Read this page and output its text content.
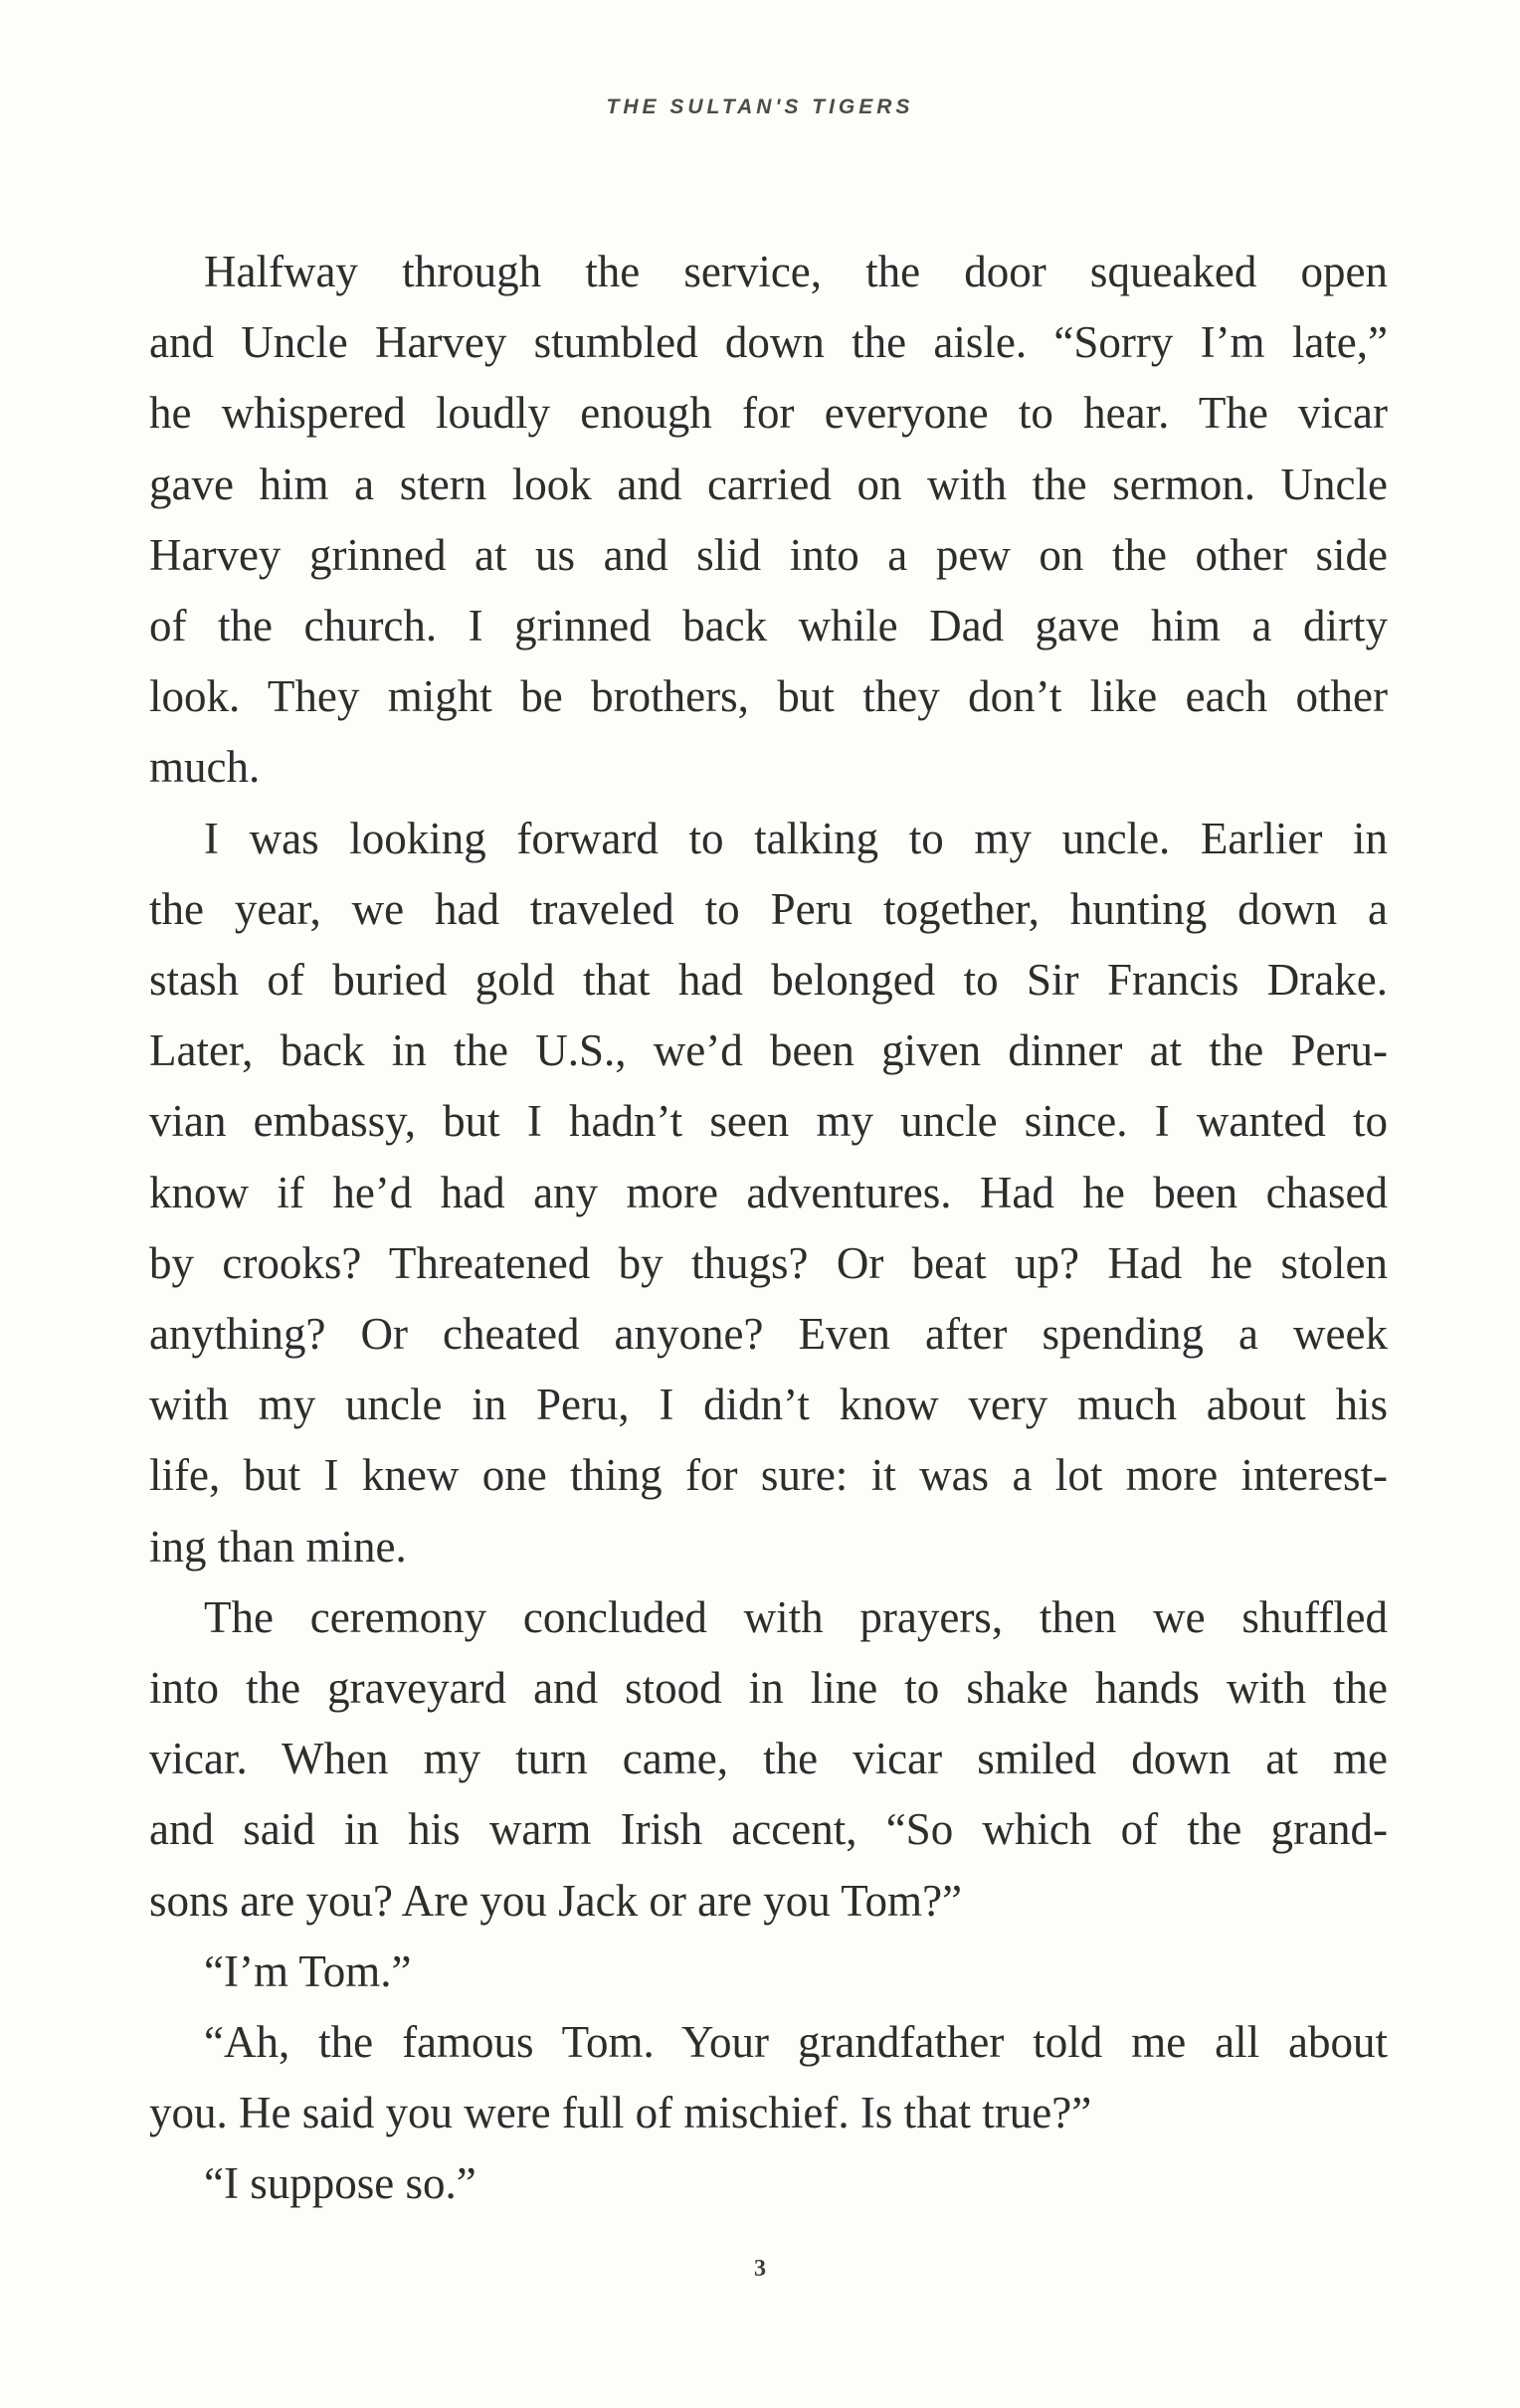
THE SULTAN'S TIGERS
Halfway through the service, the door squeaked open
and Uncle Harvey stumbled down the aisle. “Sorry I’m late,”
he whispered loudly enough for everyone to hear. The vicar
gave him a stern look and carried on with the sermon. Uncle
Harvey grinned at us and slid into a pew on the other side
of the church. I grinned back while Dad gave him a dirty
look. They might be brothers, but they don’t like each other
much.
I was looking forward to talking to my uncle. Earlier in
the year, we had traveled to Peru together, hunting down a
stash of buried gold that had belonged to Sir Francis Drake.
Later, back in the U.S., we’d been given dinner at the Peru-
vian embassy, but I hadn’t seen my uncle since. I wanted to
know if he’d had any more adventures. Had he been chased
by crooks? Threatened by thugs? Or beat up? Had he stolen
anything? Or cheated anyone? Even after spending a week
with my uncle in Peru, I didn’t know very much about his
life, but I knew one thing for sure: it was a lot more interest-
ing than mine.
The ceremony concluded with prayers, then we shuffled
into the graveyard and stood in line to shake hands with the
vicar. When my turn came, the vicar smiled down at me
and said in his warm Irish accent, “So which of the grand-
sons are you? Are you Jack or are you Tom?”
“I’m Tom.”
“Ah, the famous Tom. Your grandfather told me all about
you. He said you were full of mischief. Is that true?”
“I suppose so.”
3
